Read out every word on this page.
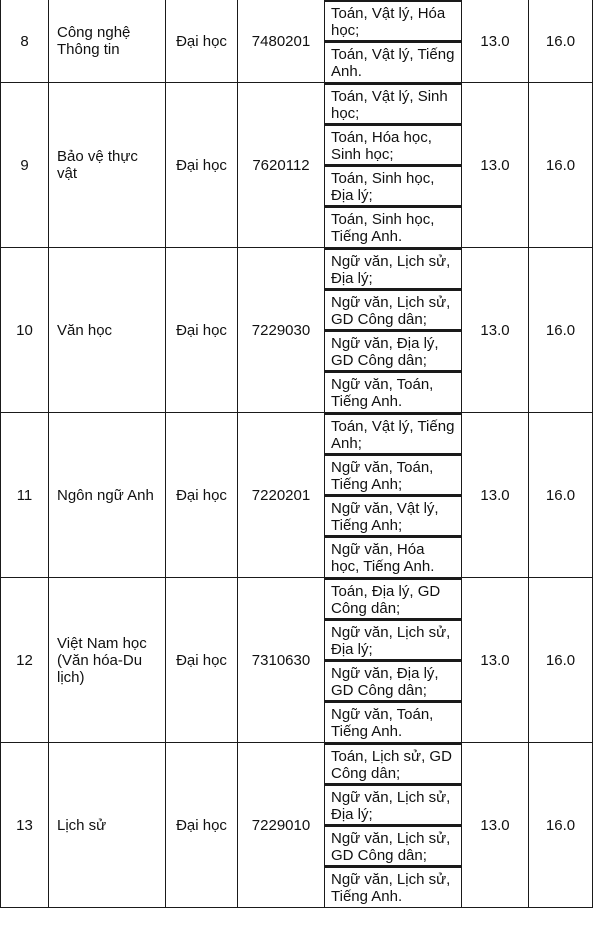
8	Công nghệ Thông tin	Đại học	7480201	Toán, Vật lý, Hóa học;
Toán, Vật lý, Tiếng Anh.	13.0	16.0
9	Bảo vệ thực vật	Đại học	7620112	Toán, Vật lý, Sinh học;
Toán, Hóa học, Sinh học;
Toán, Sinh học, Địa lý;
Toán, Sinh học, Tiếng Anh.	13.0	16.0
10	Văn học	Đại học	7229030	Ngữ văn, Lịch sử, Địa lý;
Ngữ văn, Lịch sử, GD Công dân;
Ngữ văn, Địa lý, GD Công dân;
Ngữ văn, Toán, Tiếng Anh.	13.0	16.0
11	Ngôn ngữ Anh	Đại học	7220201	Toán, Vật lý, Tiếng Anh;
Ngữ văn, Toán, Tiếng Anh;
Ngữ văn, Vật lý, Tiếng Anh;
Ngữ văn, Hóa học, Tiếng Anh.	13.0	16.0
12	Việt Nam học (Văn hóa-Du lịch)	Đại học	7310630	Toán, Địa lý, GD Công dân;
Ngữ văn, Lịch sử, Địa lý;
Ngữ văn, Địa lý, GD Công dân;
Ngữ văn, Toán, Tiếng Anh.	13.0	16.0
13	Lịch sử	Đại học	7229010	Toán, Lịch sử, GD Công dân;
Ngữ văn, Lịch sử, Địa lý;
Ngữ văn, Lịch sử, GD Công dân;
Ngữ văn, Lịch sử, Tiếng Anh.	13.0	16.0
